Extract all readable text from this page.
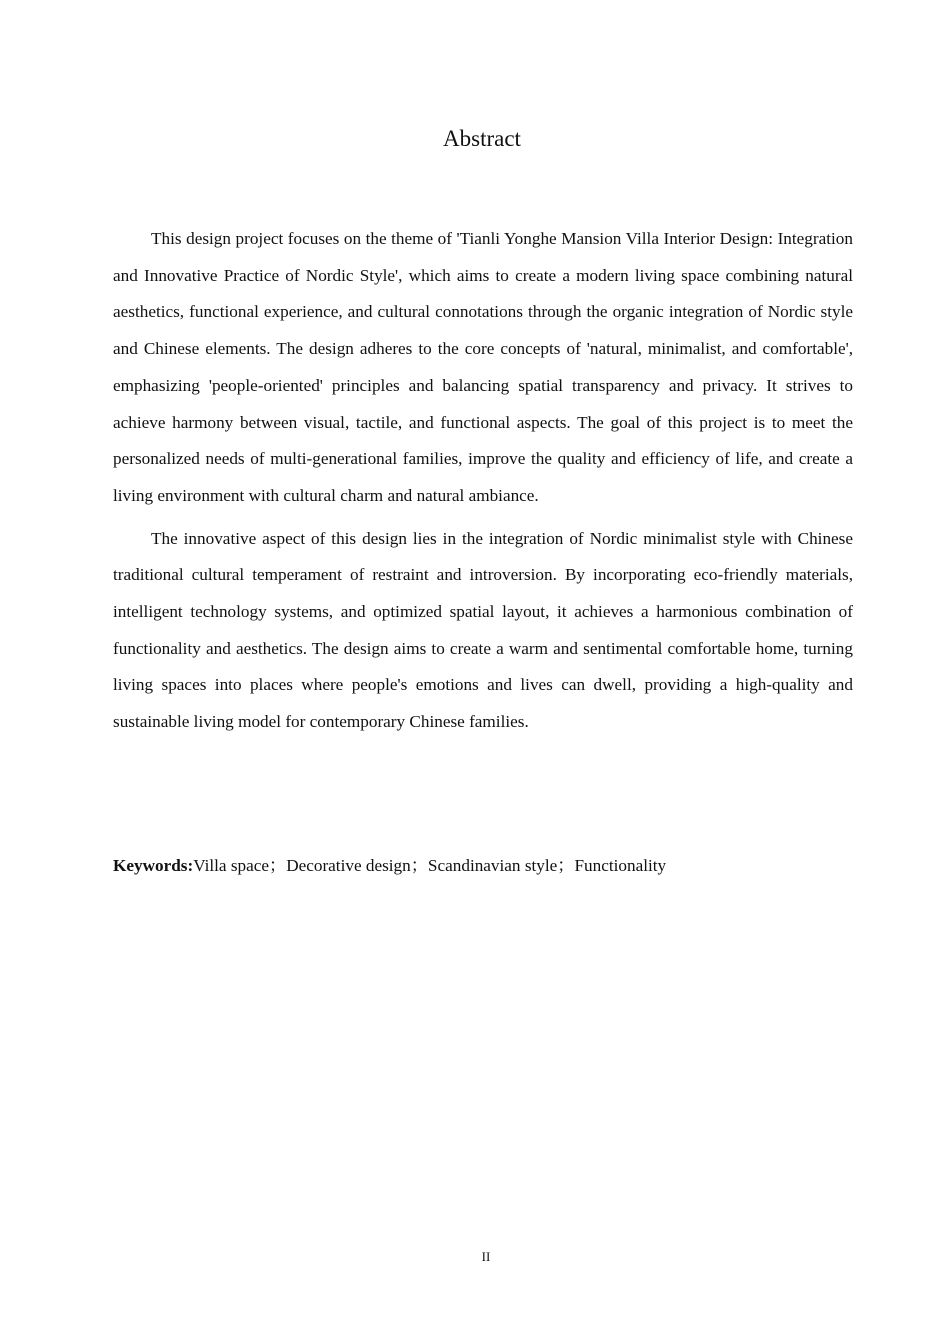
Abstract

This design project focuses on the theme of 'Tianli Yonghe Mansion Villa Interior Design: Integration and Innovative Practice of Nordic Style', which aims to create a modern living space combining natural aesthetics, functional experience, and cultural connotations through the organic integration of Nordic style and Chinese elements. The design adheres to the core concepts of 'natural, minimalist, and comfortable', emphasizing 'people-oriented' principles and balancing spatial transparency and privacy. It strives to achieve harmony between visual, tactile, and functional aspects. The goal of this project is to meet the personalized needs of multi-generational families, improve the quality and efficiency of life, and create a living environment with cultural charm and natural ambiance.

The innovative aspect of this design lies in the integration of Nordic minimalist style with Chinese traditional cultural temperament of restraint and introversion. By incorporating eco-friendly materials, intelligent technology systems, and optimized spatial layout, it achieves a harmonious combination of functionality and aesthetics. The design aims to create a warm and sentimental comfortable home, turning living spaces into places where people's emotions and lives can dwell, providing a high-quality and sustainable living model for contemporary Chinese families.

Keywords:Villa space；Decorative design；Scandinavian style；Functionality
II
